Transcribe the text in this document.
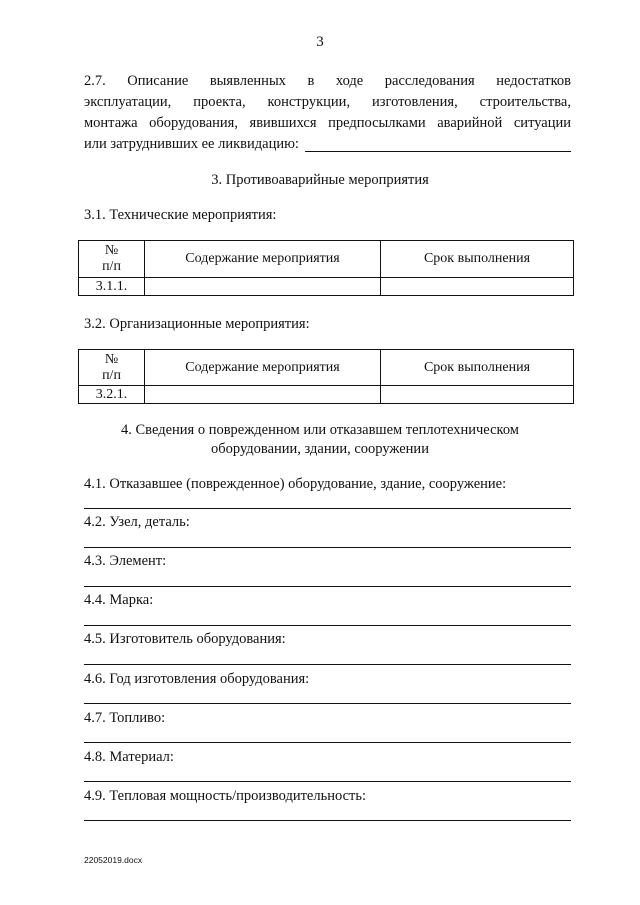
3
2.7. Описание выявленных в ходе расследования недостатков
эксплуатации, проекта, конструкции, изготовления, строительства,
монтажа оборудования, явившихся предпосылками аварийной ситуации
или затруднивших ее ликвидацию:
3. Противоаварийные мероприятия
3.1. Технические мероприятия:
№
п/п	Содержание мероприятия	Срок выполнения
3.1.1.		
3.2. Организационные мероприятия:
№
п/п	Содержание мероприятия	Срок выполнения
3.2.1.		
4. Сведения о поврежденном или отказавшем теплотехническом
оборудовании, здании, сооружении
4.1. Отказавшее (поврежденное) оборудование, здание, сооружение:
4.2. Узел, деталь:
4.3. Элемент:
4.4. Марка:
4.5. Изготовитель оборудования:
4.6. Год изготовления оборудования:
4.7. Топливо:
4.8. Материал:
4.9. Тепловая мощность/производительность:
22052019.docx
